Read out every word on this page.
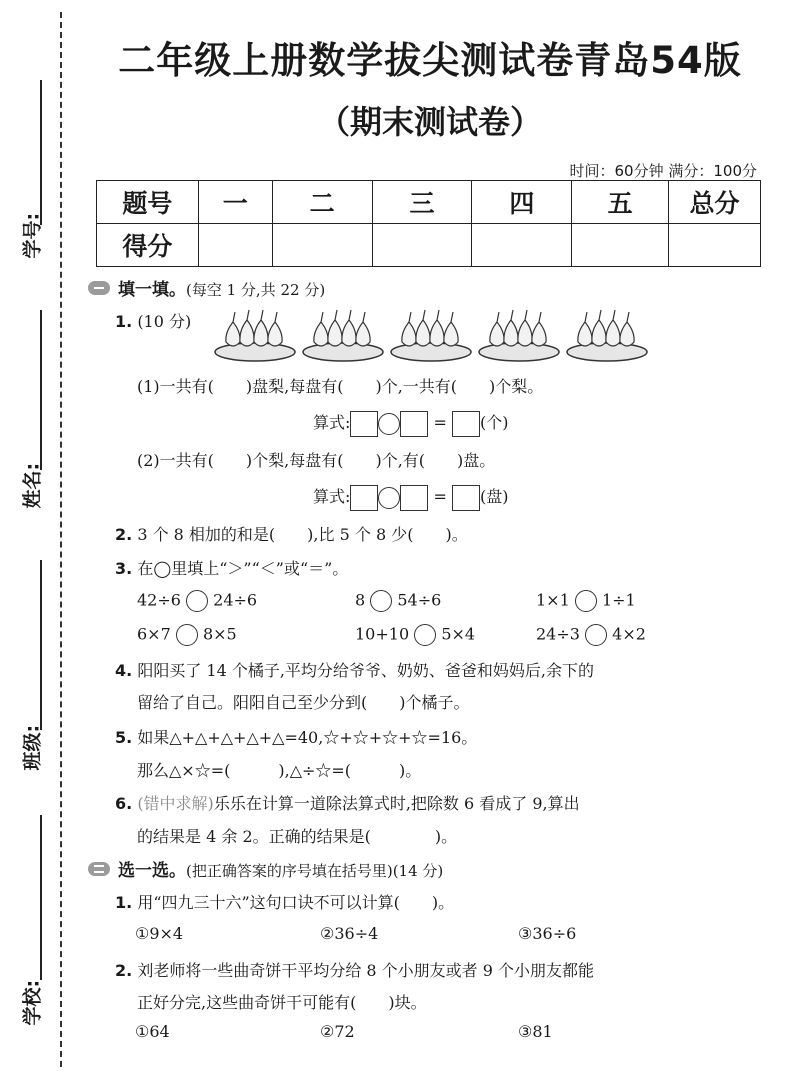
学号:
姓名:
班级:
学校:
二年级上册数学拔尖测试卷青岛54版
（期末测试卷）
时间：60分钟 满分：100分
题号	一	二	三	四	五	总分
得分						
填一填。(每空 1 分,共 22 分)
1. (10 分)
(1)一共有(　　)盘梨,每盘有(　　)个,一共有(　　)个梨。
算式:	= (个)
(2)一共有(　　)个梨,每盘有(　　)个,有(　　)盘。
算式:	= (盘)
2. 3 个 8 相加的和是(　　),比 5 个 8 少(　　)。
3. 在◯里填上“＞”“＜”或“＝”。
42÷6 24÷6	8 54÷6	1×1 1÷1
6×7 8×5	10+10 5×4	24÷3 4×2
4. 阳阳买了 14 个橘子,平均分给爷爷、奶奶、爸爸和妈妈后,余下的
留给了自己。阳阳自己至少分到(　　)个橘子。
5. 如果△+△+△+△+△=40,☆+☆+☆+☆=16。
那么△×☆=(　　　),△÷☆=(　　　)。
6. (错中求解)乐乐在计算一道除法算式时,把除数 6 看成了 9,算出
的结果是 4 余 2。正确的结果是(　　　　)。
选一选。(把正确答案的序号填在括号里)(14 分)
1. 用“四九三十六”这句口诀不可以计算(　　)。
①9×4	②36÷4	③36÷6
2. 刘老师将一些曲奇饼干平均分给 8 个小朋友或者 9 个小朋友都能
正好分完,这些曲奇饼干可能有(　　)块。
①64	②72	③81
